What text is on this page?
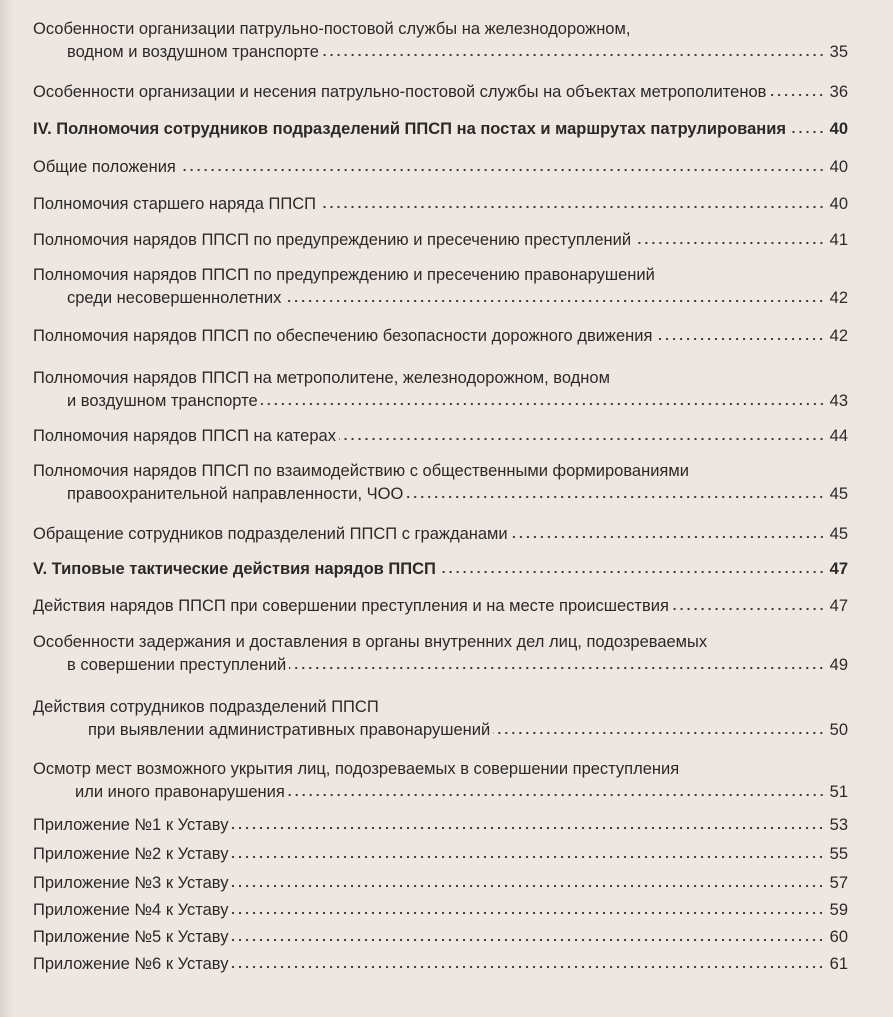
Особенности организации патрульно-постовой службы на железнодорожном,
водном и воздушном транспорте	35
Особенности организации и несения патрульно-постовой службы на объектах метрополитенов	36
IV. Полномочия сотрудников подразделений ППСП на постах и маршрутах патрулирования	40
Общие положения	40
Полномочия старшего наряда ППСП	40
Полномочия нарядов ППСП по предупреждению и пресечению преступлений	41
Полномочия нарядов ППСП по предупреждению и пресечению правонарушений
среди несовершеннолетних	42
Полномочия нарядов ППСП по обеспечению безопасности дорожного движения	42
Полномочия нарядов ППСП на метрополитене, железнодорожном, водном
и воздушном транспорте	43
Полномочия нарядов ППСП на катерах	44
Полномочия нарядов ППСП по взаимодействию с общественными формированиями
правоохранительной направленности, ЧОО	45
Обращение сотрудников подразделений ППСП с гражданами	45
V. Типовые тактические действия нарядов ППСП	47
Действия нарядов ППСП при совершении преступления и на месте происшествия	47
Особенности задержания и доставления в органы внутренних дел лиц, подозреваемых
в совершении преступлений	49
Действия сотрудников подразделений ППСП
при выявлении административных правонарушений	50
Осмотр мест возможного укрытия лиц, подозреваемых в совершении преступления
или иного правонарушения	51
Приложение №1 к Уставу	53
Приложение №2 к Уставу	55
Приложение №3 к Уставу	57
Приложение №4 к Уставу	59
Приложение №5 к Уставу	60
Приложение №6 к Уставу	61
